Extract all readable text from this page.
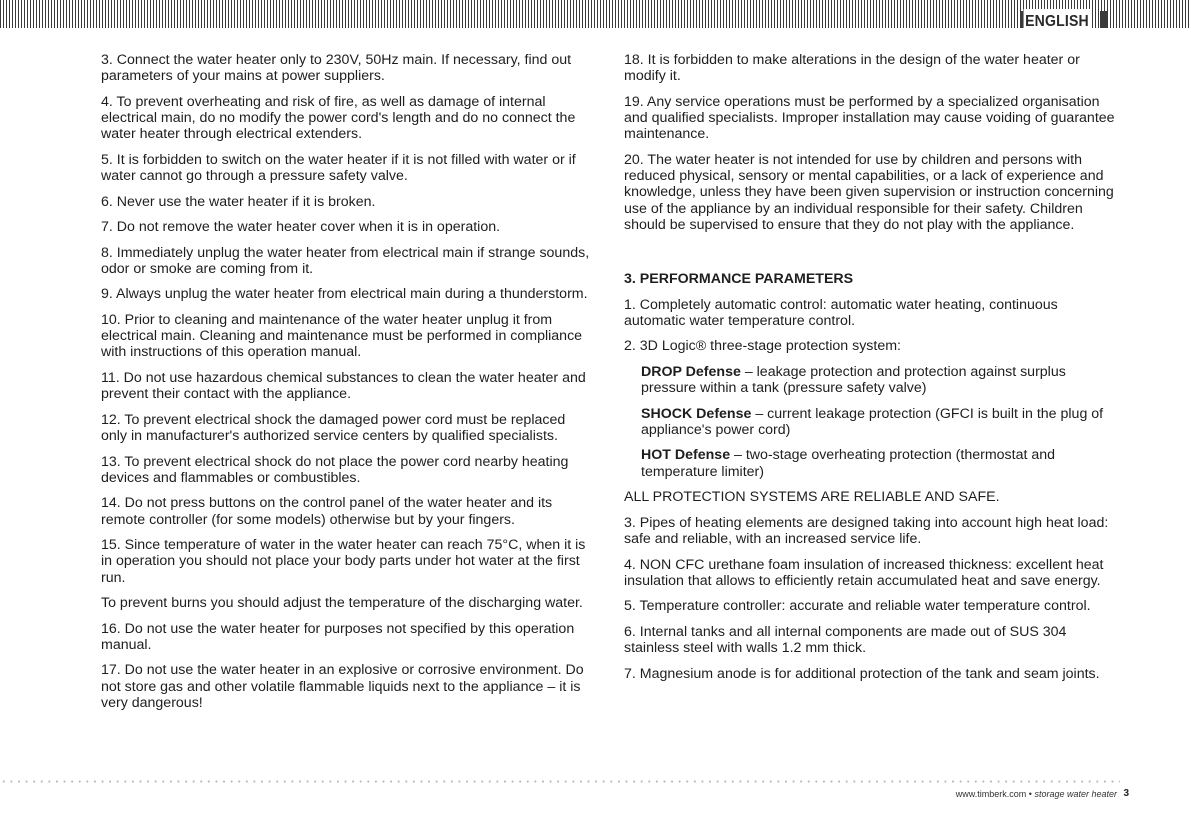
ENGLISH

3. Connect the water heater only to 230V, 50Hz main. If necessary, find out parameters of your mains at power suppliers.

4. To prevent overheating and risk of fire, as well as damage of internal electrical main, do no modify the power cord's length and do no connect the water heater through electrical extenders.

5. It is forbidden to switch on the water heater if it is not filled with water or if water cannot go through a pressure safety valve.

6. Never use the water heater if it is broken.

7. Do not remove the water heater cover when it is in operation.

8. Immediately unplug the water heater from electrical main if strange sounds, odor or smoke are coming from it.

9. Always unplug the water heater from electrical main during a thunderstorm.

10. Prior to cleaning and maintenance of the water heater unplug it from electrical main. Cleaning and maintenance must be performed in compliance with instructions of this operation manual.

11. Do not use hazardous chemical substances to clean the water heater and prevent their contact with the appliance.

12. To prevent electrical shock the damaged power cord must be replaced only in manufacturer's authorized service centers by qualified specialists.

13. To prevent electrical shock do not place the power cord nearby heating devices and flammables or combustibles.

14. Do not press buttons on the control panel of the water heater and its remote controller (for some models) otherwise but by your fingers.

15. Since temperature of water in the water heater can reach 75°C, when it is in operation you should not place your body parts under hot water at the first run.

To prevent burns you should adjust the temperature of the discharging water.

16. Do not use the water heater for purposes not specified by this operation manual.

17. Do not use the water heater in an explosive or corrosive environment. Do not store gas and other volatile flammable liquids next to the appliance – it is very dangerous!

18. It is forbidden to make alterations in the design of the water heater or modify it.

19. Any service operations must be performed by a specialized organisation and qualified specialists. Improper installation may cause voiding of guarantee maintenance.

20. The water heater is not intended for use by children and persons with reduced physical, sensory or mental capabilities, or a lack of experience and knowledge, unless they have been given supervision or instruction concerning use of the appliance by an individual responsible for their safety. Children should be supervised to ensure that they do not play with the appliance.

3. PERFORMANCE PARAMETERS

1. Completely automatic control: automatic water heating, continuous automatic water temperature control.

2. 3D Logic® three-stage protection system:

DROP Defense – leakage protection and protection against surplus pressure within a tank (pressure safety valve)

SHOCK Defense – current leakage protection (GFCI is built in the plug of appliance's power cord)

HOT Defense – two-stage overheating protection (thermostat and temperature limiter)

ALL PROTECTION SYSTEMS ARE RELIABLE AND SAFE.

3. Pipes of heating elements are designed taking into account high heat load: safe and reliable, with an increased service life.

4. NON CFC urethane foam insulation of increased thickness: excellent heat insulation that allows to efficiently retain accumulated heat and save energy.

5. Temperature controller: accurate and reliable water temperature control.

6. Internal tanks and all internal components are made out of SUS 304 stainless steel with walls 1.2 mm thick.

7. Magnesium anode is for additional protection of the tank and seam joints.

www.timberk.com • storage water heater 3
